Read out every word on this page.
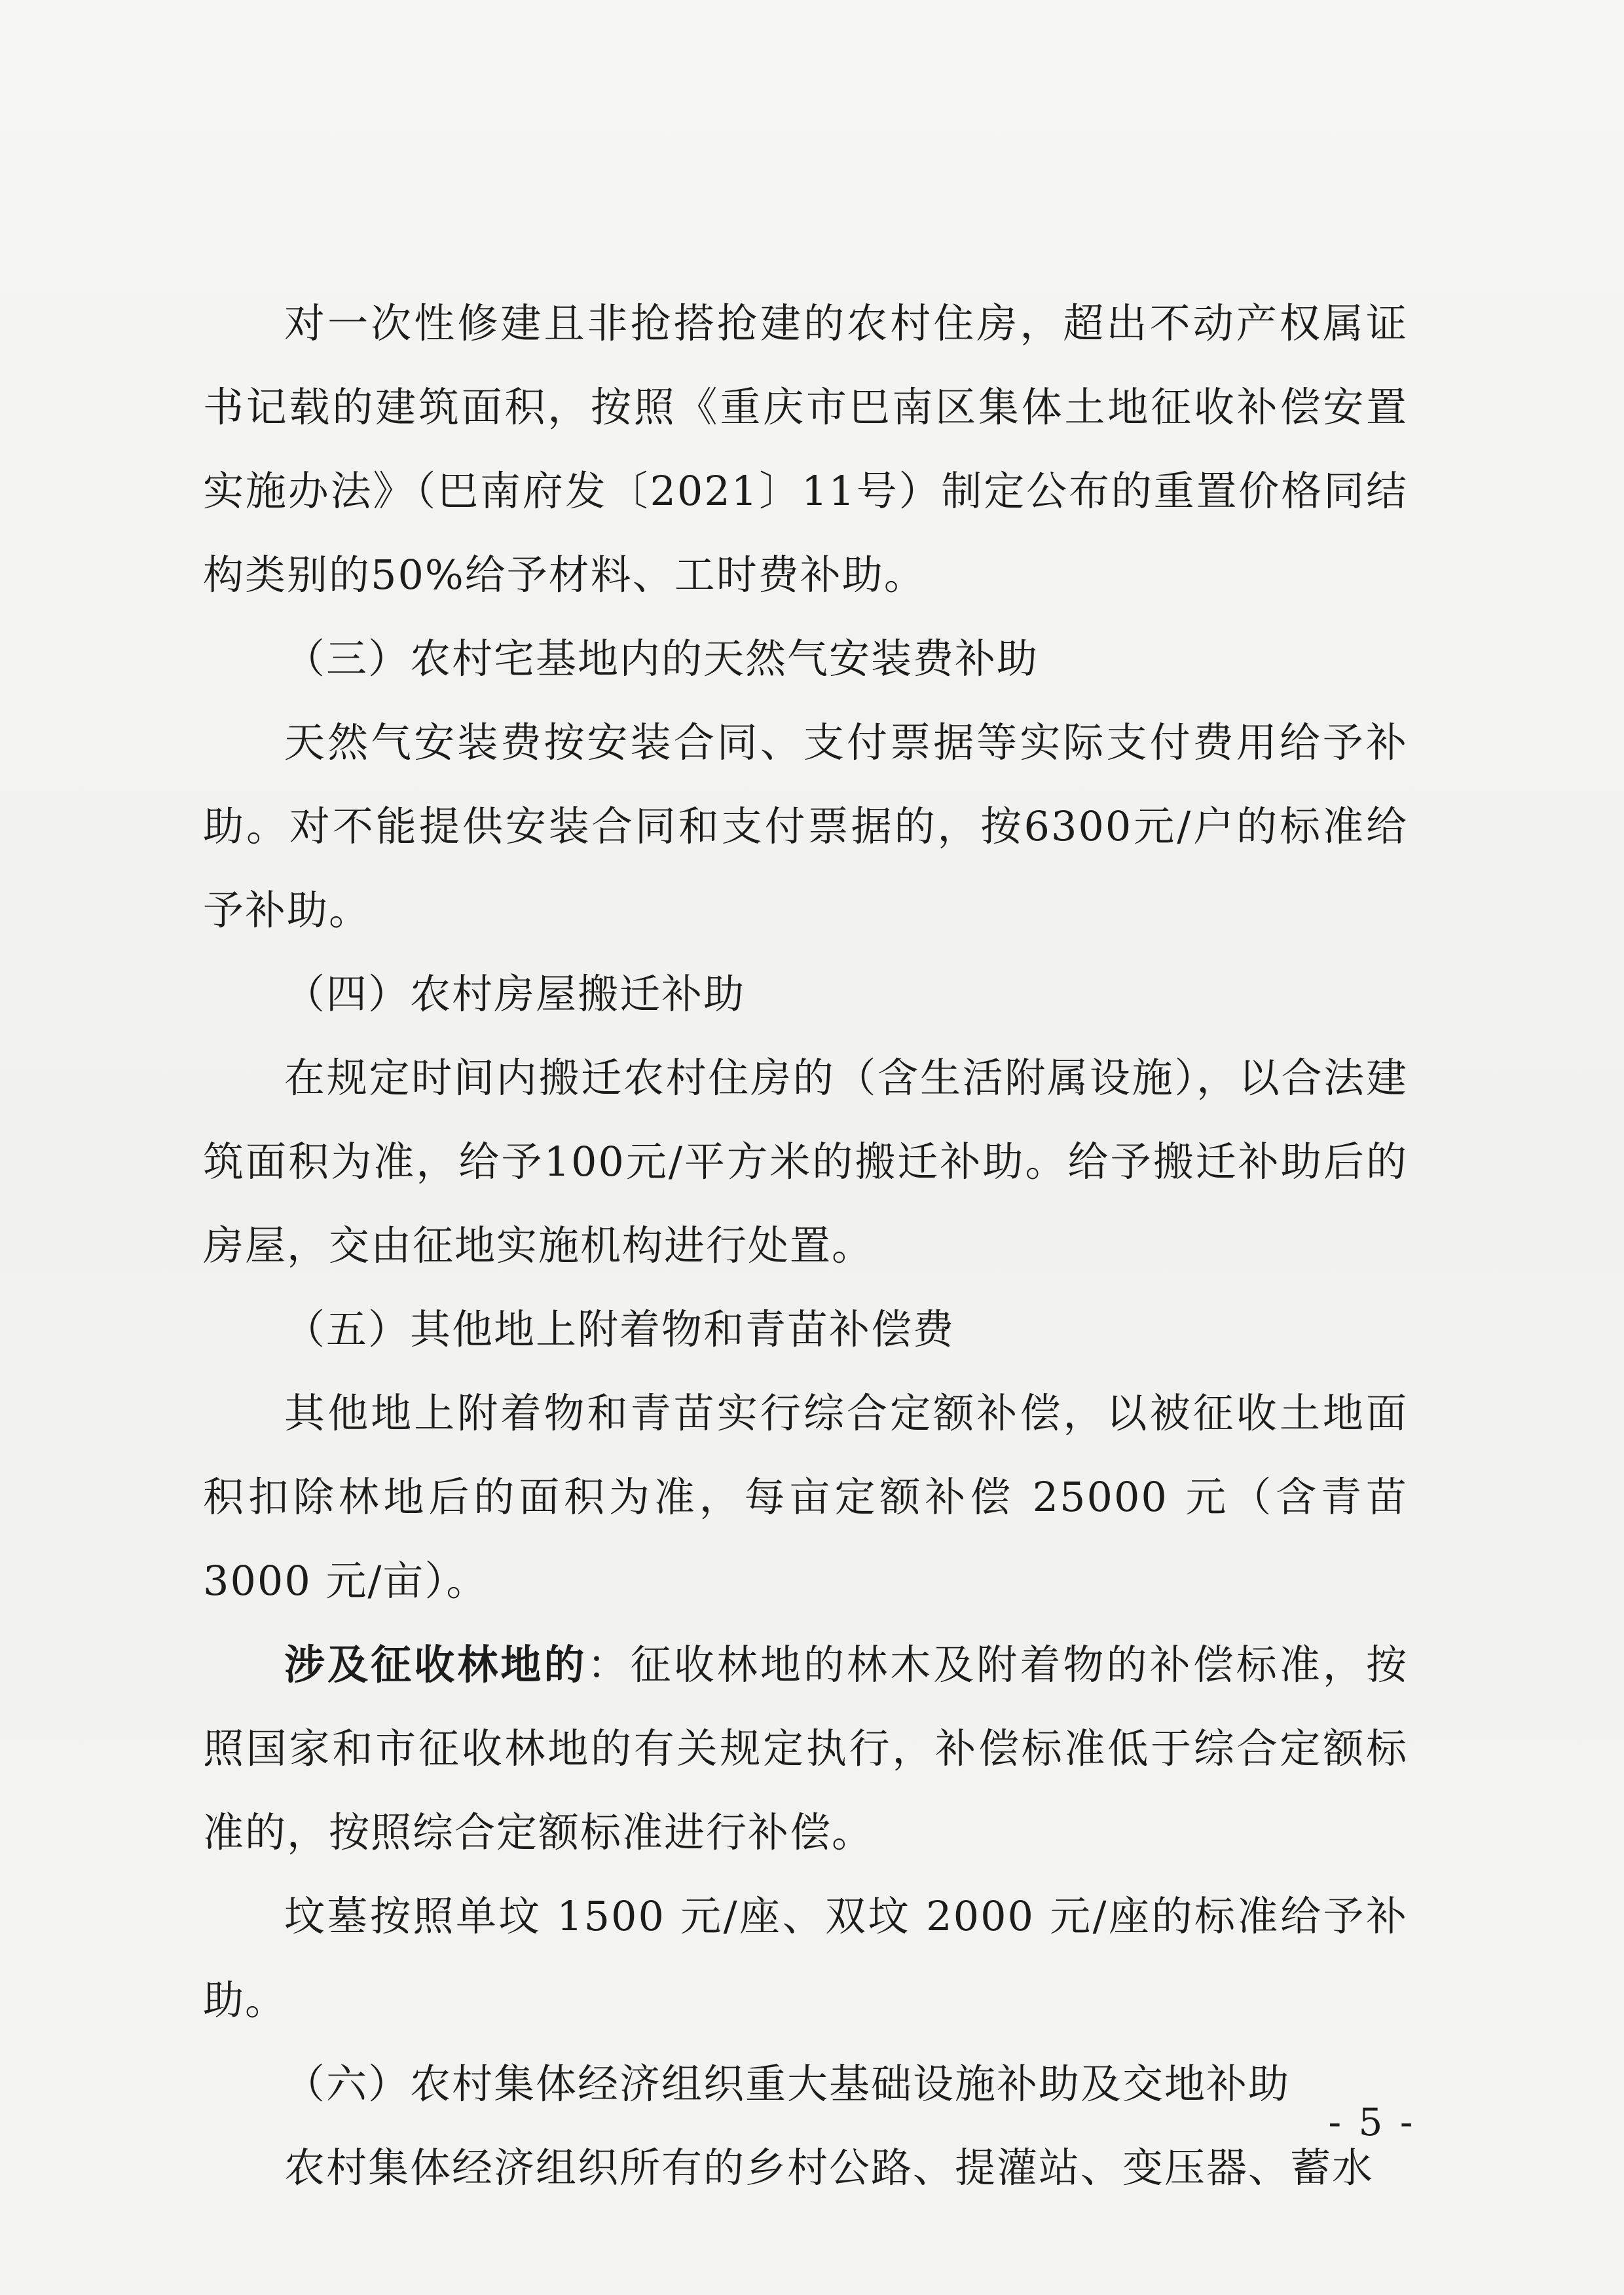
对一次性修建且非抢搭抢建的农村住房，超出不动产权属证书记载的建筑面积，按照《重庆市巴南区集体土地征收补偿安置实施办法》（巴南府发〔2021〕11号）制定公布的重置价格同结构类别的50%给予材料、工时费补助。

（三）农村宅基地内的天然气安装费补助

天然气安装费按安装合同、支付票据等实际支付费用给予补助。对不能提供安装合同和支付票据的，按6300元/户的标准给予补助。

（四）农村房屋搬迁补助

在规定时间内搬迁农村住房的（含生活附属设施），以合法建筑面积为准，给予100元/平方米的搬迁补助。给予搬迁补助后的房屋，交由征地实施机构进行处置。

（五）其他地上附着物和青苗补偿费

其他地上附着物和青苗实行综合定额补偿，以被征收土地面积扣除林地后的面积为准，每亩定额补偿 25000 元（含青苗 3000 元/亩）。

涉及征收林地的：征收林地的林木及附着物的补偿标准，按照国家和市征收林地的有关规定执行，补偿标准低于综合定额标准的，按照综合定额标准进行补偿。

坟墓按照单坟 1500 元/座、双坟 2000 元/座的标准给予补助。

（六）农村集体经济组织重大基础设施补助及交地补助

农村集体经济组织所有的乡村公路、提灌站、变压器、蓄水

- 5 -
